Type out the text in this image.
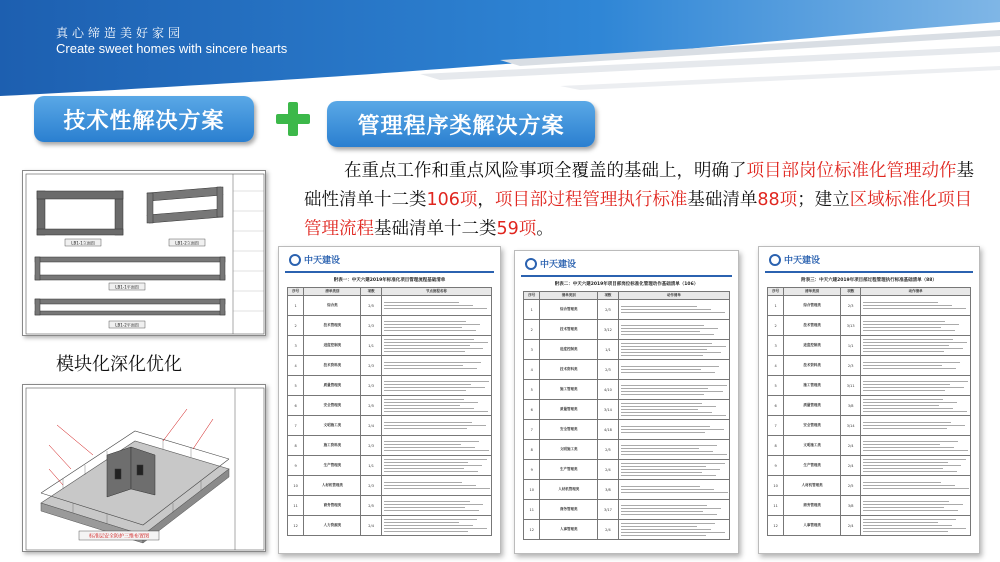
真心缔造美好家园
Create sweet homes with sincere hearts
技术性解决方案	管理程序类解决方案
在重点工作和重点风险事项全覆盖的基础上，明确了项目部岗位标准化管理动作基础性清单十二类106项，项目部过程管理执行标准基础清单88项；建立区域标准化项目管理流程基础清单十二类59项。
LB1-1立面图	LB1-2立面图
LB1-1平面图
LB1-2平面图
模块化深化优化
标准层安全防护三维布置图
中天建设
附表一：中天六建2019年标准化项目管理流程基础清单
序号	清单类别	项数	节点流程名称
1	综合类	2/5	

2	技术管理类	2/3	

3	进度控制类	1/1	

4	技术资料类	2/3	

5	质量管理类	2/3	

6	安全管理类	2/5	

7	文明施工类	2/4	

8	施工资料类	2/3	

9	生产管理类	1/1	

10	人材机管理类	2/3	

11	商务管理类	2/5	

12	人力资源类	2/4	
中天建设
附表二：中天六建2019年项目部岗位标准化管理动作基础清单（106）
序号	清单类别	项数	动作清单
1	综合管理类	2/3	

2	技术管理类	3/12	

3	进度控制类	1/1	

4	技术资料类	2/3	

5	施工管理类	4/10	

6	质量管理类	3/14	

7	安全管理类	4/18	

8	文明施工类	2/5	

9	生产管理类	2/4	

10	人材机管理类	3/8	

11	商务管理类	3/17	

12	人事管理类	2/4	
中天建设
附表三：中天六建2019年项目部过程管理执行标准基础清单（88）
序号	清单类别	项数	动作清单
1	综合管理类	2/3	

2	技术管理类	3/13	

3	进度控制类	1/1	

4	技术资料类	2/3	

5	施工管理类	3/11	

6	质量管理类	3/8	

7	安全管理类	3/14	

8	文明施工类	2/4	

9	生产管理类	2/4	

10	人材机管理类	2/5	

11	商务管理类	3/8	

12	人事管理类	2/4	
